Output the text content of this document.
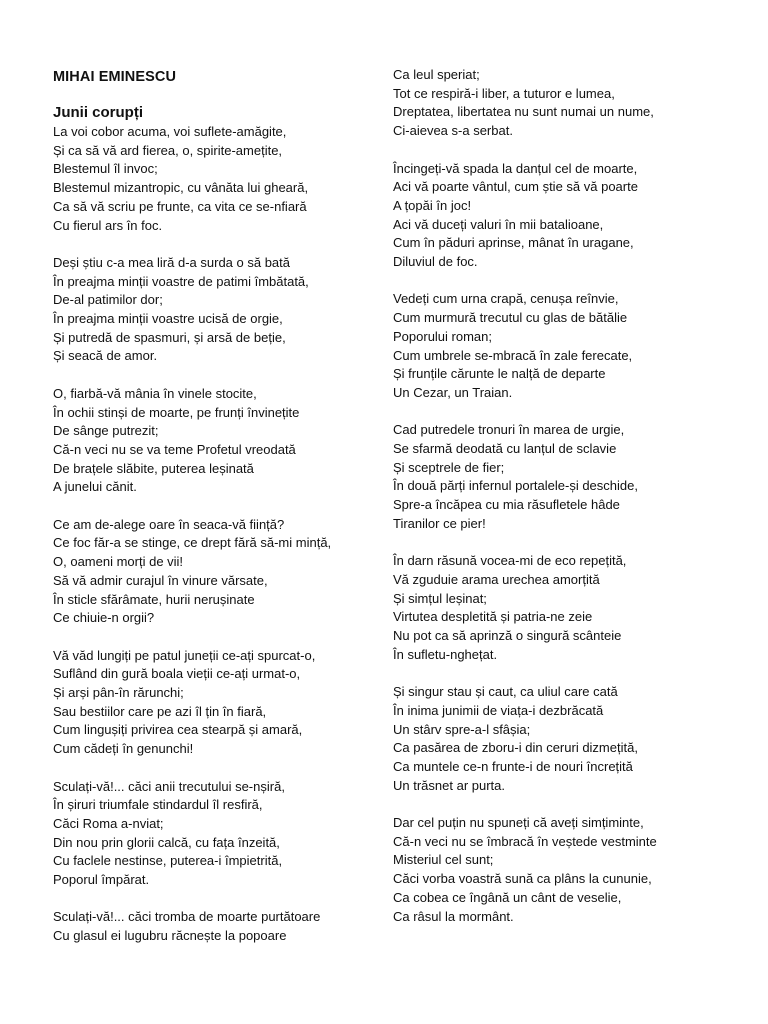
MIHAI EMINESCU
Junii corupți
La voi cobor acuma, voi suflete-amăgite,
Și ca să vă ard fierea, o, spirite-amețite,
Blestemul îl invoc;
Blestemul mizantropic, cu vânăta lui gheară,
Ca să vă scriu pe frunte, ca vita ce se-nfiară
Cu fierul ars în foc.
Deși știu c-a mea liră d-a surda o să bată
În preajma minții voastre de patimi îmbătată,
De-al patimilor dor;
În preajma minții voastre ucisă de orgie,
Și putredă de spasmuri, și arsă de beție,
Și seacă de amor.
O, fiarbă-vă mânia în vinele stocite,
În ochii stinși de moarte, pe frunți învinețite
De sânge putrezit;
Că-n veci nu se va teme Profetul vreodată
De brațele slăbite, puterea leșinată
A junelui cănit.
Ce am de-alege oare în seaca-vă ființă?
Ce foc făr-a se stinge, ce drept fără să-mi mință,
O, oameni morți de vii!
Să vă admir curajul în vinure vărsate,
În sticle sfărâmate, hurii nerușinate
Ce chiuie-n orgii?
Vă văd lungiți pe patul juneții ce-ați spurcat-o,
Suflând din gură boala vieții ce-ați urmat-o,
Și arși pân-în rărunchi;
Sau bestiilor care pe azi îl țin în fiară,
Cum lingușiți privirea cea stearpă și amară,
Cum cădeți în genunchi!
Sculați-vă!... căci anii trecutului se-nșiră,
În șiruri triumfale stindardul îl resfiră,
Căci Roma a-nviat;
Din nou prin glorii calcă, cu fața înzeită,
Cu faclele nestinse, puterea-i împietrită,
Poporul împărat.
Sculați-vă!... căci tromba de moarte purtătoare
Cu glasul ei lugubru răcnește la popoare
Ca leul speriat;
Tot ce respiră-i liber, a tuturor e lumea,
Dreptatea, libertatea nu sunt numai un nume,
Ci-aievea s-a serbat.
Încingeți-vă spada la danțul cel de moarte,
Aci vă poarte vântul, cum știe să vă poarte
A țopăi în joc!
Aci vă duceți valuri în mii batalioane,
Cum în păduri aprinse, mânat în uragane,
Diluviul de foc.
Vedeți cum urna crapă, cenușa reînvie,
Cum murmură trecutul cu glas de bătălie
Poporului roman;
Cum umbrele se-mbracă în zale ferecate,
Și frunțile cărunte le nalță de departe
Un Cezar, un Traian.
Cad putredele tronuri în marea de urgie,
Se sfarmă deodată cu lanțul de sclavie
Și sceptrele de fier;
În două părți infernul portalele-și deschide,
Spre-a încăpea cu mia răsufletele hâde
Tiranilor ce pier!
În darn răsună vocea-mi de eco repețită,
Vă zguduie arama urechea amorțită
Și simțul leșinat;
Virtutea despletită și patria-ne zeie
Nu pot ca să aprinză o singură scânteie
În sufletu-nghețat.
Și singur stau și caut, ca uliul care cată
În inima junimii de viața-i dezbrăcată
Un stârv spre-a-l sfâșia;
Ca pasărea de zboru-i din ceruri dizmețită,
Ca muntele ce-n frunte-i de nouri încrețită
Un trăsnet ar purta.
Dar cel puțin nu spuneți că aveți simțiminte,
Că-n veci nu se îmbracă în veștede vestminte
Misteriul cel sunt;
Căci vorba voastră sună ca plâns la cununie,
Ca cobea ce îngână un cânt de veselie,
Ca râsul la mormânt.
